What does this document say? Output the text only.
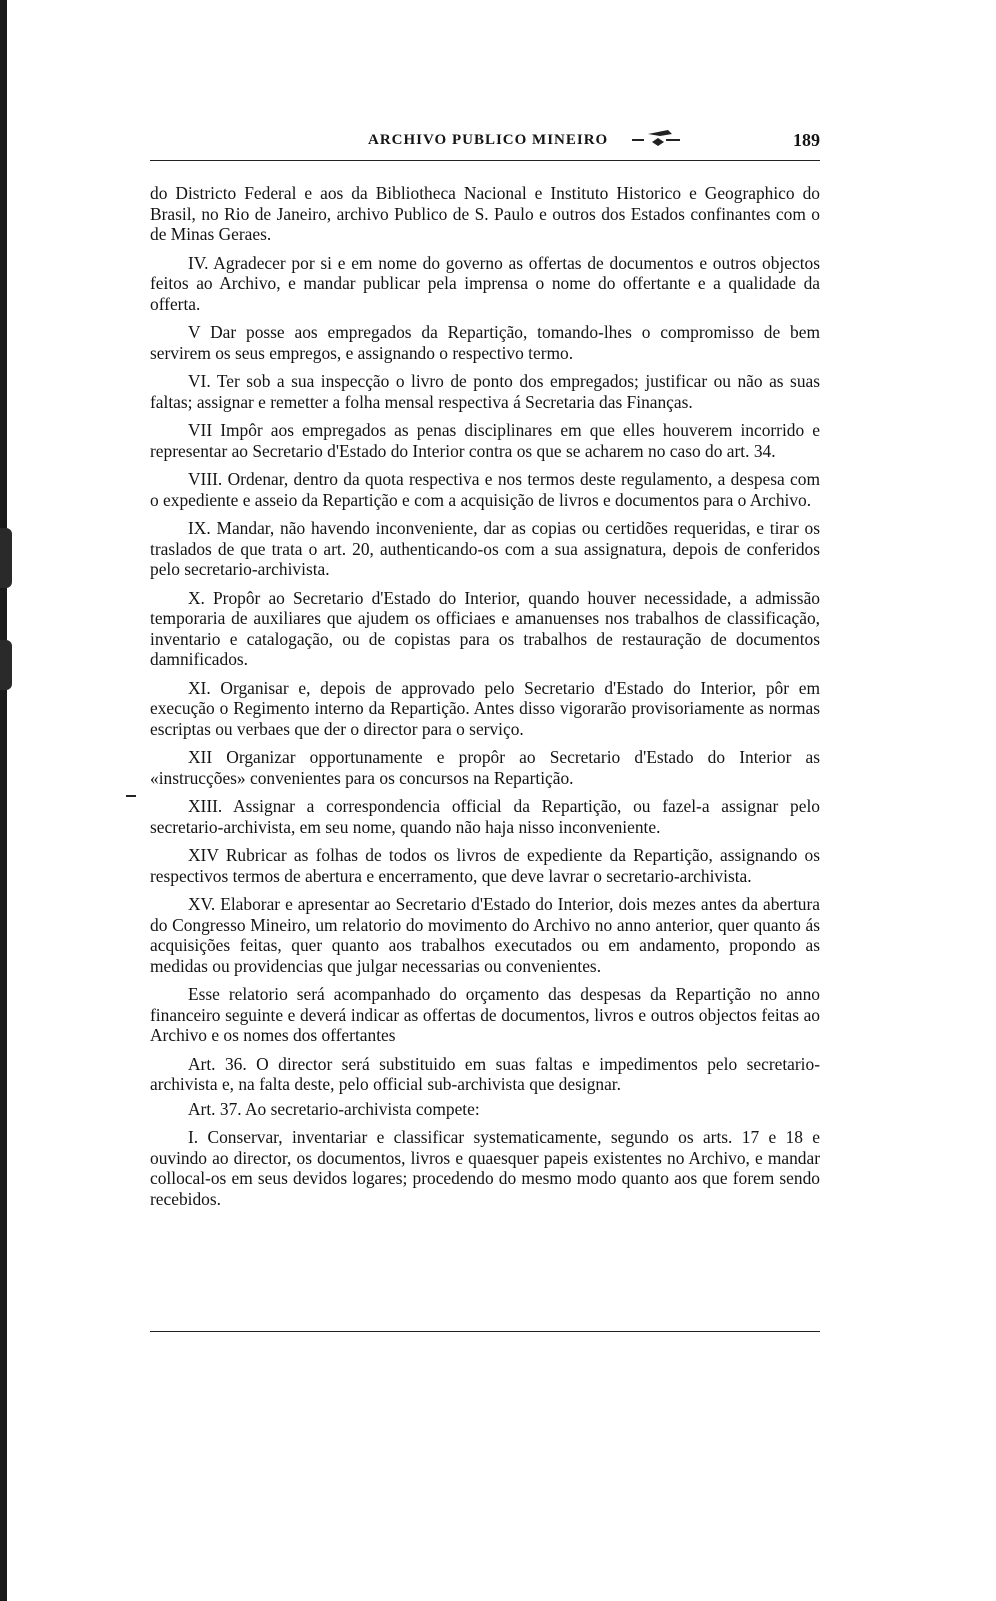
ARCHIVO PUBLICO MINEIRO	189

do Districto Federal e aos da Bibliotheca Nacional e Instituto Historico e Geographico do Brasil, no Rio de Janeiro, archivo Publico de S. Paulo e outros dos Estados confinantes com o de Minas Geraes.

IV. Agradecer por si e em nome do governo as offertas de documentos e outros objectos feitos ao Archivo, e mandar publicar pela imprensa o nome do offertante e a qualidade da offerta.

V Dar posse aos empregados da Repartição, tomando-lhes o compromisso de bem servirem os seus empregos, e assignando o respectivo termo.

VI. Ter sob a sua inspecção o livro de ponto dos empregados; justificar ou não as suas faltas; assignar e remetter a folha mensal respectiva á Secretaria das Finanças.

VII Impôr aos empregados as penas disciplinares em que elles houverem incorrido e representar ao Secretario d'Estado do Interior contra os que se acharem no caso do art. 34.

VIII. Ordenar, dentro da quota respectiva e nos termos deste regulamento, a despesa com o expediente e asseio da Repartição e com a acquisição de livros e documentos para o Archivo.

IX. Mandar, não havendo inconveniente, dar as copias ou certidões requeridas, e tirar os traslados de que trata o art. 20, authenticando-os com a sua assignatura, depois de conferidos pelo secretario-archivista.

X. Propôr ao Secretario d'Estado do Interior, quando houver necessidade, a admissão temporaria de auxiliares que ajudem os officiaes e amanuenses nos trabalhos de classificação, inventario e catalogação, ou de copistas para os trabalhos de restauração de documentos damnificados.

XI. Organisar e, depois de approvado pelo Secretario d'Estado do Interior, pôr em execução o Regimento interno da Repartição. Antes disso vigorarão provisoriamente as normas escriptas ou verbaes que der o director para o serviço.

XII Organizar opportunamente e propôr ao Secretario d'Estado do Interior as «instrucções» convenientes para os concursos na Repartição.

XIII. Assignar a correspondencia official da Repartição, ou fazel-a assignar pelo secretario-archivista, em seu nome, quando não haja nisso inconveniente.

XIV Rubricar as folhas de todos os livros de expediente da Repartição, assignando os respectivos termos de abertura e encerramento, que deve lavrar o secretario-archivista.

XV. Elaborar e apresentar ao Secretario d'Estado do Interior, dois mezes antes da abertura do Congresso Mineiro, um relatorio do movimento do Archivo no anno anterior, quer quanto ás acquisições feitas, quer quanto aos trabalhos executados ou em andamento, propondo as medidas ou providencias que julgar necessarias ou convenientes.

Esse relatorio será acompanhado do orçamento das despesas da Repartição no anno financeiro seguinte e deverá indicar as offertas de documentos, livros e outros objectos feitas ao Archivo e os nomes dos offertantes

Art. 36. O director será substituido em suas faltas e impedimentos pelo secretario-archivista e, na falta deste, pelo official sub-archivista que designar.

Art. 37. Ao secretario-archivista compete:

I. Conservar, inventariar e classificar systematicamente, segundo os arts. 17 e 18 e ouvindo ao director, os documentos, livros e quaesquer papeis existentes no Archivo, e mandar collocal-os em seus devidos logares; procedendo do mesmo modo quanto aos que forem sendo recebidos.
